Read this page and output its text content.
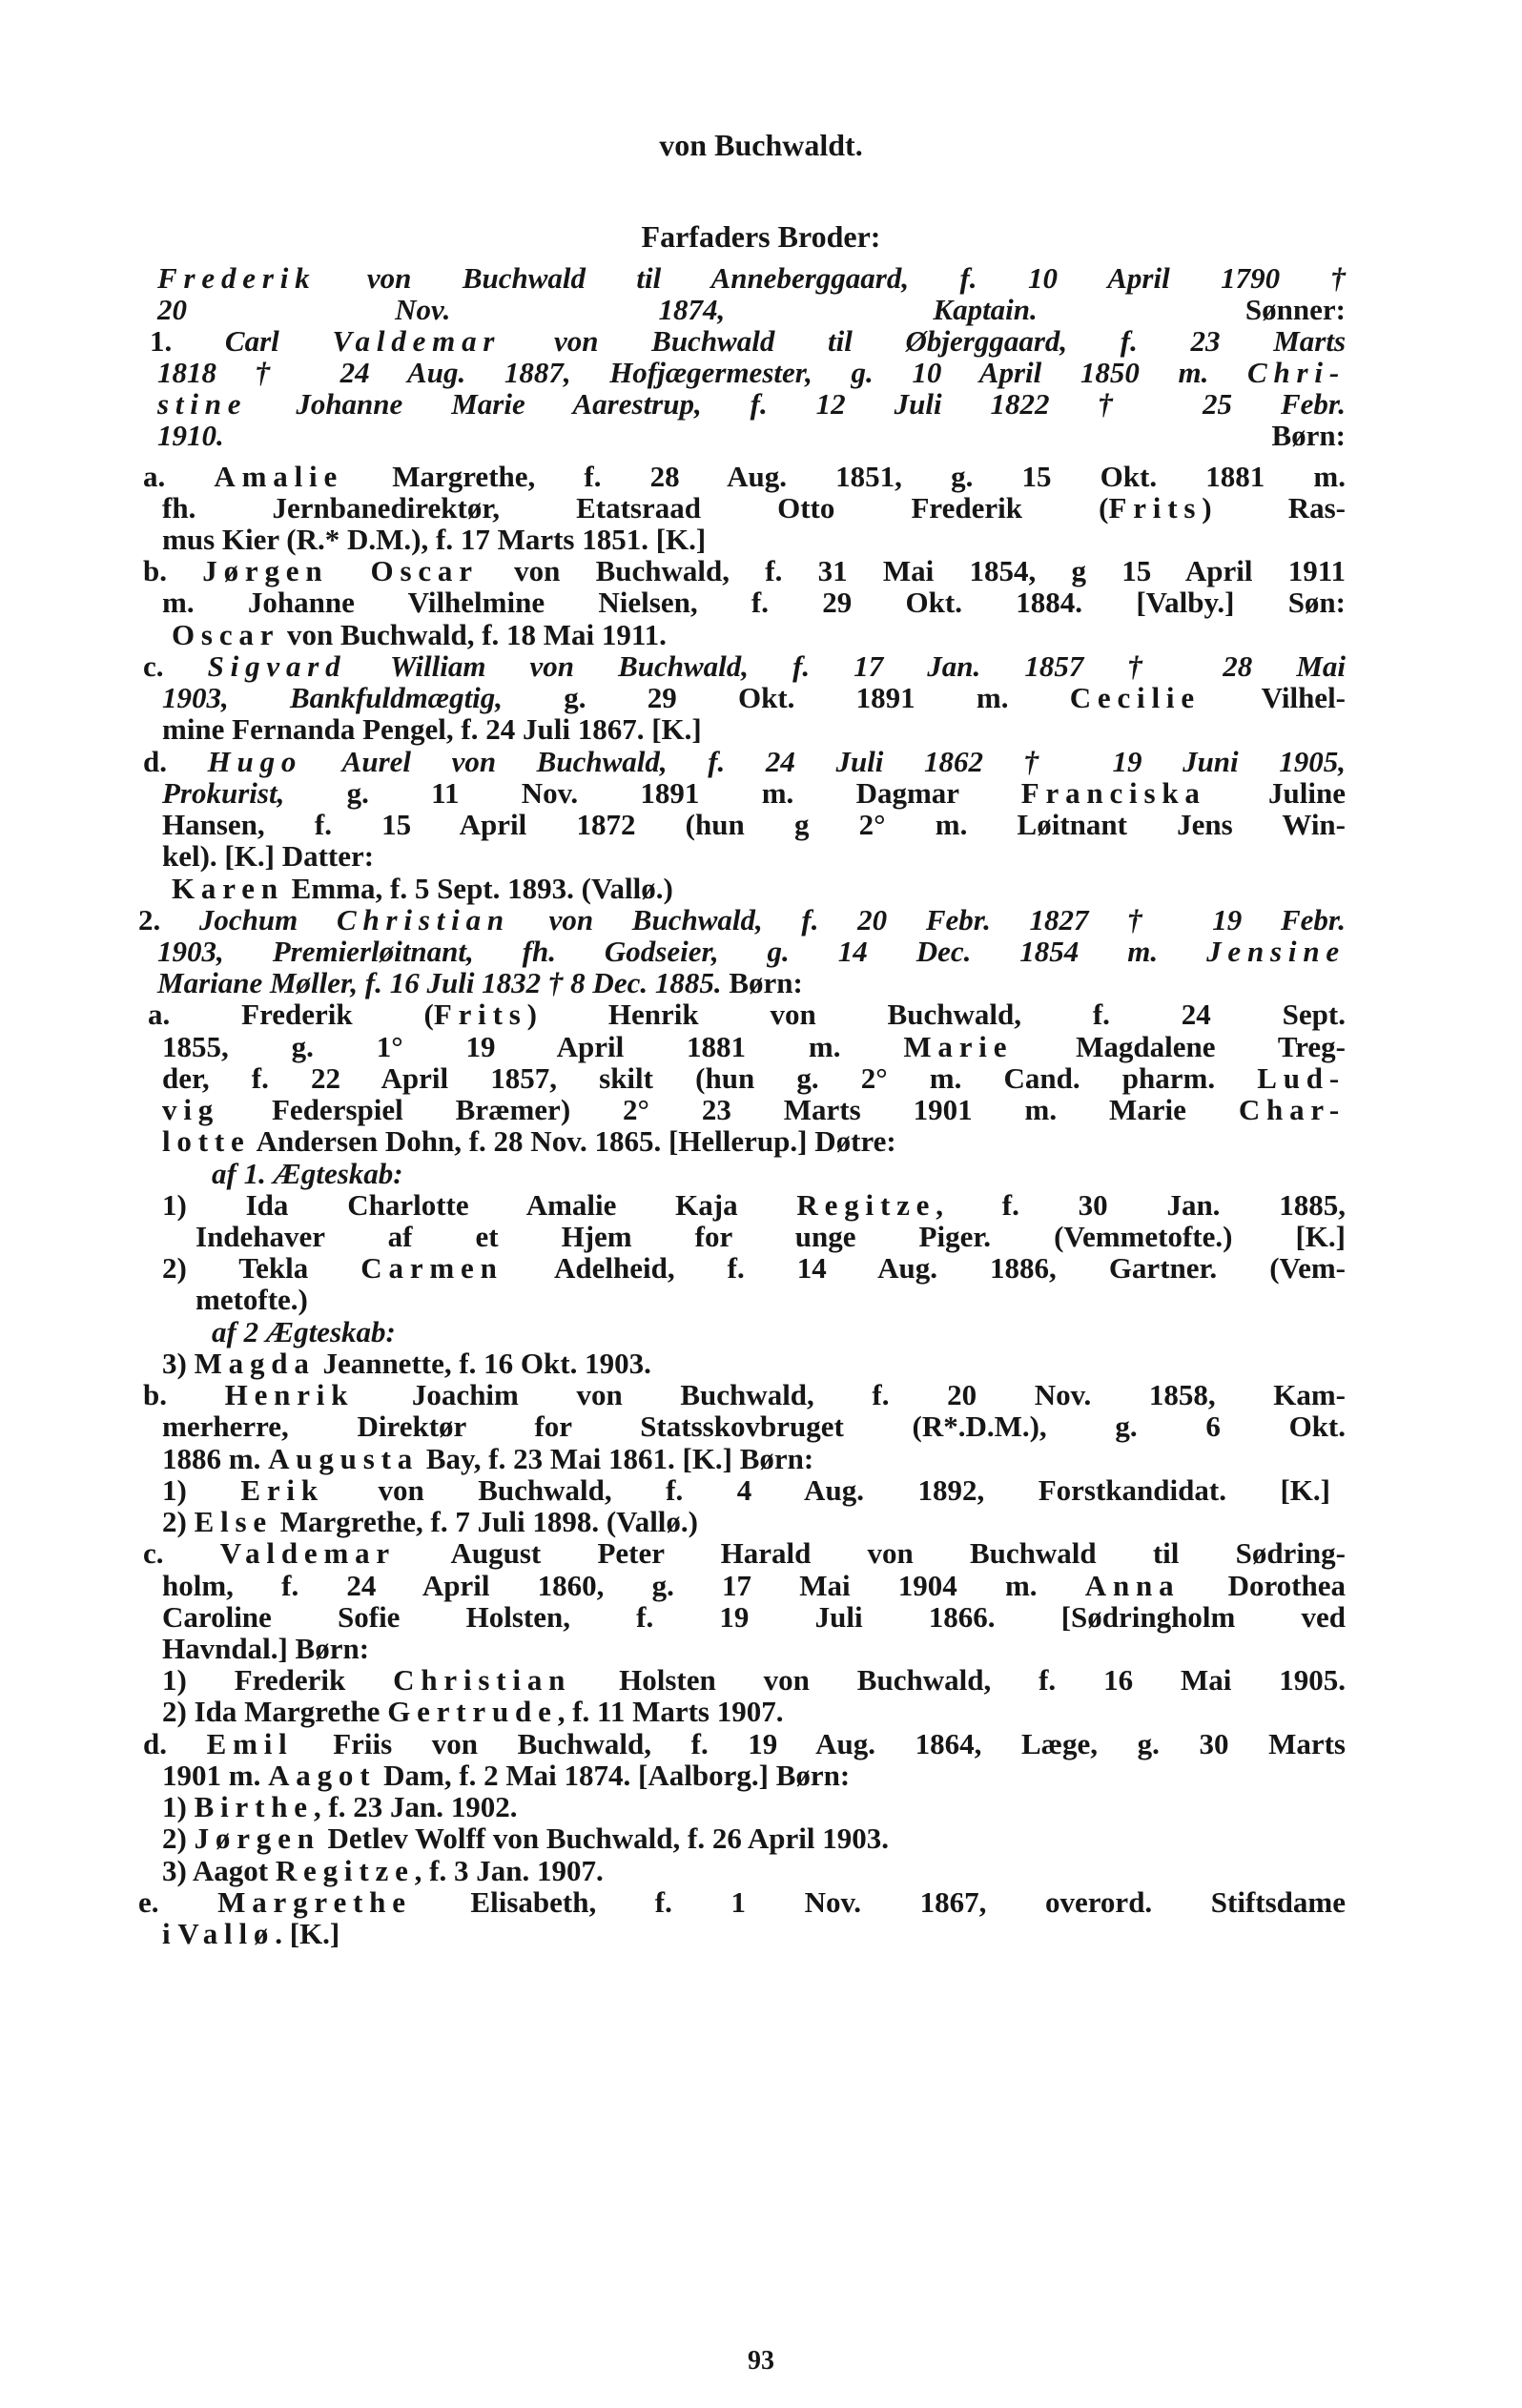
von Buchwaldt.
Farfaders Broder:
Frederik von Buchwald til Anneberggaard, f. 10 April 1790 †
20 Nov. 1874, Kaptain. Sønner:
1. Carl Valdemar von Buchwald til Øbjerggaard, f. 23 Marts
1818 † 24 Aug. 1887, Hofjægermester, g. 10 April 1850 m. Chri-
stine Johanne Marie Aarestrup, f. 12 Juli 1822 † 25 Febr.
1910. Børn:
a. Amalie Margrethe, f. 28 Aug. 1851, g. 15 Okt. 1881 m.
fh. Jernbanedirektør, Etatsraad Otto Frederik (Frits) Ras-
mus Kier (R.* D.M.), f. 17 Marts 1851. [K.]
b. Jørgen Oscar von Buchwald, f. 31 Mai 1854, g 15 April 1911
m. Johanne Vilhelmine Nielsen, f. 29 Okt. 1884. [Valby.] Søn:
Oscar von Buchwald, f. 18 Mai 1911.
c. Sigvard William von Buchwald, f. 17 Jan. 1857 † 28 Mai
1903, Bankfuldmægtig, g. 29 Okt. 1891 m. Cecilie Vilhel-
mine Fernanda Pengel, f. 24 Juli 1867. [K.]
d. Hugo Aurel von Buchwald, f. 24 Juli 1862 † 19 Juni 1905,
Prokurist, g. 11 Nov. 1891 m. Dagmar Franciska Juline
Hansen, f. 15 April 1872 (hun g 2° m. Løitnant Jens Win-
kel). [K.] Datter:
Karen Emma, f. 5 Sept. 1893. (Vallø.)
2. Jochum Christian von Buchwald, f. 20 Febr. 1827 † 19 Febr.
1903, Premierløitnant, fh. Godseier, g. 14 Dec. 1854 m. Jensine
Mariane Møller, f. 16 Juli 1832 † 8 Dec. 1885. Børn:
a. Frederik (Frits) Henrik von Buchwald, f. 24 Sept.
1855, g. 1° 19 April 1881 m. Marie Magdalene Treg-
der, f. 22 April 1857, skilt (hun g. 2° m. Cand. pharm. Lud-
vig Federspiel Bræmer) 2° 23 Marts 1901 m. Marie Char-
lotte Andersen Dohn, f. 28 Nov. 1865. [Hellerup.] Døtre:
af 1. Ægteskab:
1) Ida Charlotte Amalie Kaja Regitze, f. 30 Jan. 1885,
Indehaver af et Hjem for unge Piger. (Vemmetofte.) [K.]
2) Tekla Carmen Adelheid, f. 14 Aug. 1886, Gartner. (Vem-
metofte.)
af 2 Ægteskab:
3) Magda Jeannette, f. 16 Okt. 1903.
b. Henrik Joachim von Buchwald, f. 20 Nov. 1858, Kam-
merherre, Direktør for Statsskovbruget (R*.D.M.), g. 6 Okt.
1886 m. Augusta Bay, f. 23 Mai 1861. [K.] Børn:
1) Erik von Buchwald, f. 4 Aug. 1892, Forstkandidat. [K.]
2) Else Margrethe, f. 7 Juli 1898. (Vallø.)
c. Valdemar August Peter Harald von Buchwald til Sødring-
holm, f. 24 April 1860, g. 17 Mai 1904 m. Anna Dorothea
Caroline Sofie Holsten, f. 19 Juli 1866. [Sødringholm ved
Havndal.] Børn:
1) Frederik Christian Holsten von Buchwald, f. 16 Mai 1905.
2) Ida Margrethe Gertrude, f. 11 Marts 1907.
d. Emil Friis von Buchwald, f. 19 Aug. 1864, Læge, g. 30 Marts
1901 m. Aagot Dam, f. 2 Mai 1874. [Aalborg.] Børn:
1) Birthe, f. 23 Jan. 1902.
2) Jørgen Detlev Wolff von Buchwald, f. 26 April 1903.
3) Aagot Regitze, f. 3 Jan. 1907.
e. Margrethe Elisabeth, f. 1 Nov. 1867, overord. Stiftsdame
i Vallø. [K.]
93
